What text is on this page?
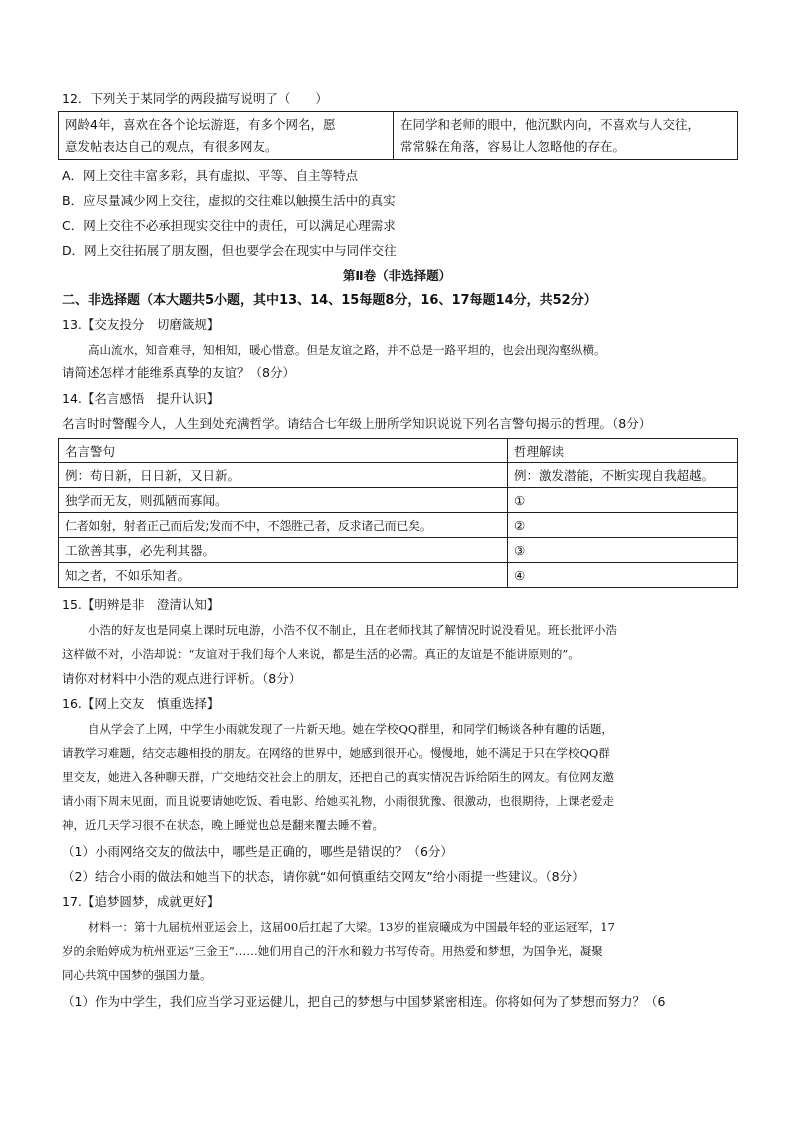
12．下列关于某同学的两段描写说明了（　　）
网龄4年，喜欢在各个论坛游逛，有多个网名，愿
意发帖表达自己的观点，有很多网友。

在同学和老师的眼中，他沉默内向，不喜欢与人交往，
常常躲在角落，容易让人忽略他的存在。
A．网上交往丰富多彩，具有虚拟、平等、自主等特点
B．应尽量减少网上交往，虚拟的交往难以触摸生活中的真实
C．网上交往不必承担现实交往中的责任，可以满足心理需求
D．网上交往拓展了朋友圈，但也要学会在现实中与同伴交往
第Ⅱ卷（非选择题）
二、非选择题（本大题共5小题，其中13、14、15每题8分，16、17每题14分，共52分）
13.【交友投分　切磨箴规】
高山流水，知音难寻，知相知，暖心惜意。但是友谊之路，并不总是一路平坦的，也会出现沟壑纵横。
请简述怎样才能维系真挚的友谊？（8分）
14.【名言感悟　提升认识】
名言时时警醒今人，人生到处充满哲学。请结合七年级上册所学知识说说下列名言警句揭示的哲理。（8分）
名言警句	哲理解读
例：苟日新，日日新，又日新。	例：激发潜能，不断实现自我超越。
独学而无友，则孤陋而寡闻。	①
仁者如射，射者正己而后发;发而不中，不怨胜己者，反求诸己而已矣。	②
工欲善其事，必先利其器。	③
知之者，不如乐知者。	④
15.【明辨是非　澄清认知】
小浩的好友也是同桌上课时玩电游，小浩不仅不制止，且在老师找其了解情况时说没看见。班长批评小浩
这样做不对，小浩却说：“友谊对于我们每个人来说，都是生活的必需。真正的友谊是不能讲原则的”。
请你对材料中小浩的观点进行评析。（8分）
16.【网上交友　慎重选择】
自从学会了上网，中学生小雨就发现了一片新天地。她在学校QQ群里，和同学们畅谈各种有趣的话题，
请教学习难题，结交志趣相投的朋友。在网络的世界中，她感到很开心。慢慢地，她不满足于只在学校QQ群
里交友，她进入各种聊天群，广交地结交社会上的朋友，还把自己的真实情况告诉给陌生的网友。有位网友邀
请小雨下周末见面，而且说要请她吃饭、看电影、给她买礼物，小雨很犹豫、很激动，也很期待，上课老爱走
神，近几天学习很不在状态，晚上睡觉也总是翻来覆去睡不着。
（1）小雨网络交友的做法中，哪些是正确的，哪些是错误的？（6分）
（2）结合小雨的做法和她当下的状态，请你就“如何慎重结交网友”给小雨提一些建议。（8分）
17.【追梦圆梦，成就更好】
材料一：第十九届杭州亚运会上，这届00后扛起了大梁。13岁的崔宸曦成为中国最年轻的亚运冠军，17
岁的余贻婷成为杭州亚运“三金王”……她们用自己的汗水和毅力书写传奇。用热爱和梦想，为国争光，凝聚
同心共筑中国梦的强国力量。
（1）作为中学生，我们应当学习亚运健儿，把自己的梦想与中国梦紧密相连。你将如何为了梦想而努力？（6
